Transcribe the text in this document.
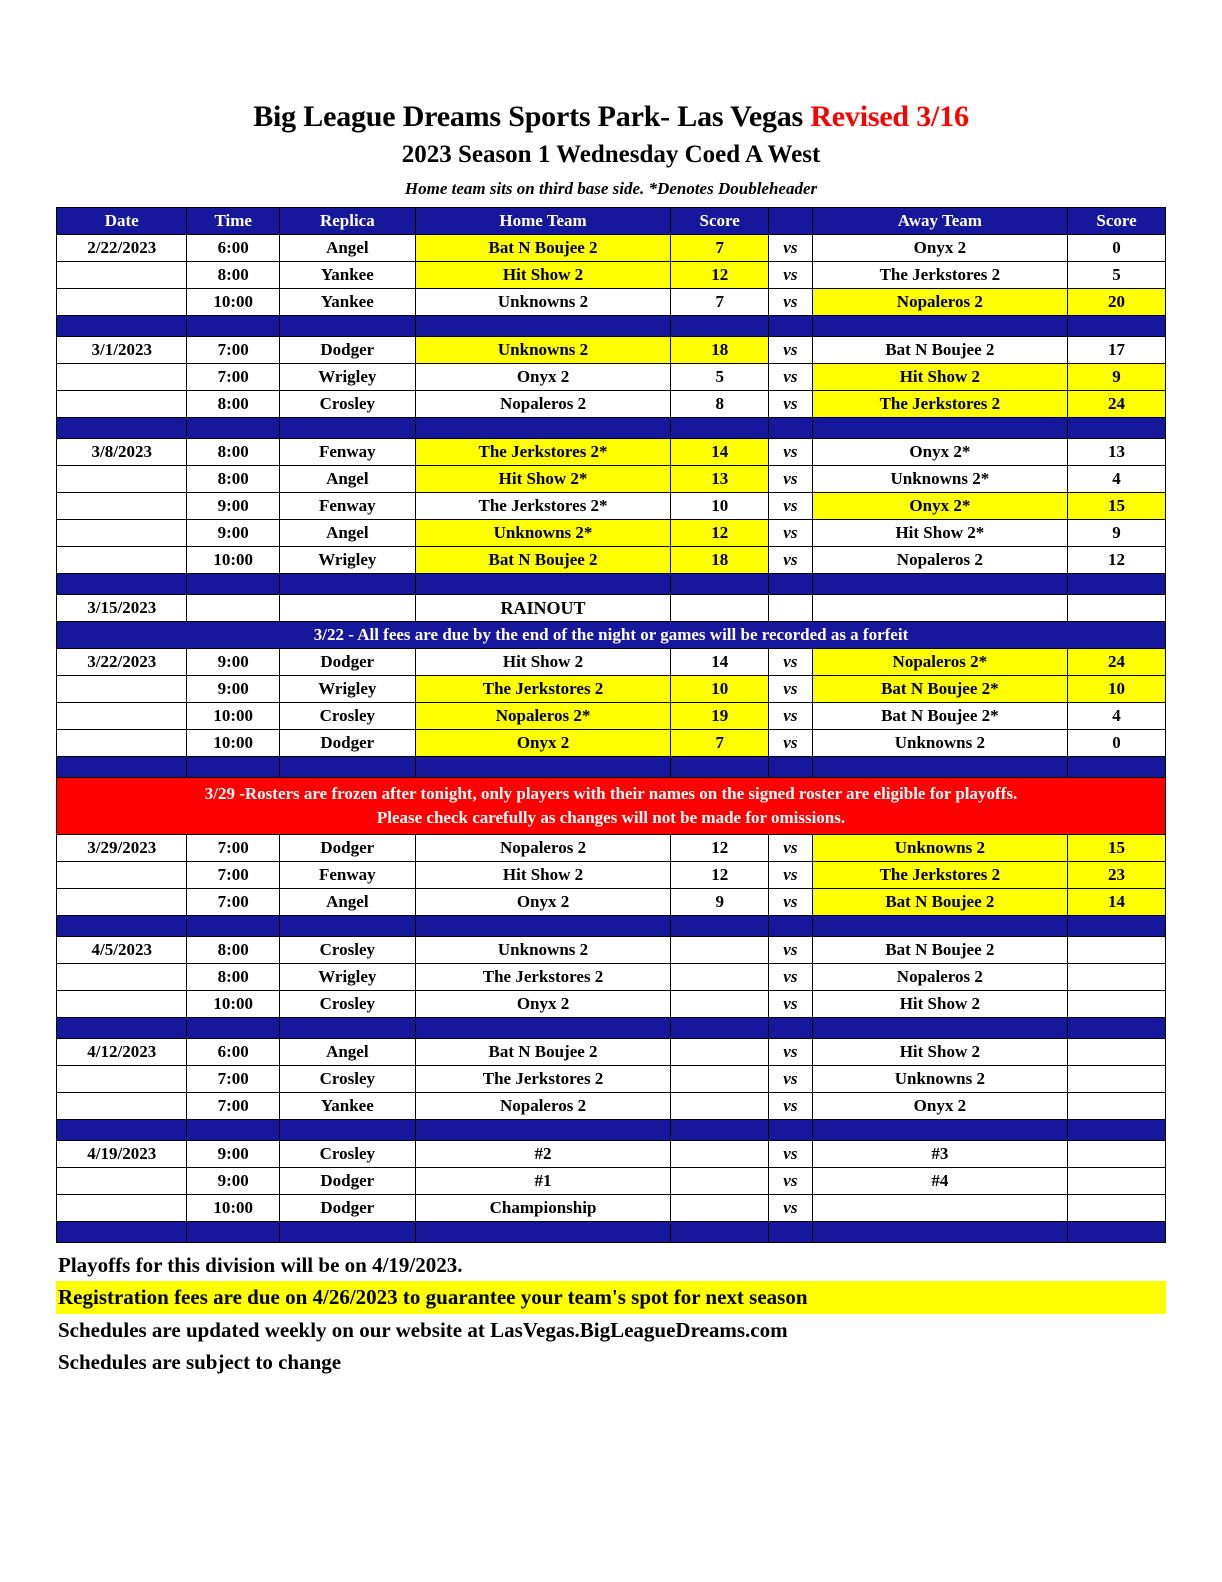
Big League Dreams Sports Park- Las Vegas Revised 3/16
2023 Season 1 Wednesday Coed A West
Home team sits on third base side. *Denotes Doubleheader
Date	Time	Replica	Home Team	Score		Away Team	Score
2/22/2023	6:00	Angel	Bat N Boujee 2	7	vs	Onyx 2	0
	8:00	Yankee	Hit Show 2	12	vs	The Jerkstores 2	5
	10:00	Yankee	Unknowns 2	7	vs	Nopaleros 2	20

3/1/2023	7:00	Dodger	Unknowns 2	18	vs	Bat N Boujee 2	17
	7:00	Wrigley	Onyx 2	5	vs	Hit Show 2	9
	8:00	Crosley	Nopaleros 2	8	vs	The Jerkstores 2	24

3/8/2023	8:00	Fenway	The Jerkstores 2*	14	vs	Onyx 2*	13
	8:00	Angel	Hit Show 2*	13	vs	Unknowns 2*	4
	9:00	Fenway	The Jerkstores 2*	10	vs	Onyx 2*	15
	9:00	Angel	Unknowns 2*	12	vs	Hit Show 2*	9
	10:00	Wrigley	Bat N Boujee 2	18	vs	Nopaleros 2	12

3/15/2023			RAINOUT				
3/22 - All fees are due by the end of the night or games will be recorded as a forfeit							
3/22/2023	9:00	Dodger	Hit Show 2	14	vs	Nopaleros 2*	24
	9:00	Wrigley	The Jerkstores 2	10	vs	Bat N Boujee 2*	10
	10:00	Crosley	Nopaleros 2*	19	vs	Bat N Boujee 2*	4
	10:00	Dodger	Onyx 2	7	vs	Unknowns 2	0

3/29 -Rosters are frozen after tonight, only players with their names on the signed roster are eligible for playoffs.
Please check carefully as changes will not be made for omissions.							

3/29/2023	7:00	Dodger	Nopaleros 2	12	vs	Unknowns 2	15
	7:00	Fenway	Hit Show 2	12	vs	The Jerkstores 2	23
	7:00	Angel	Onyx 2	9	vs	Bat N Boujee 2	14

4/5/2023	8:00	Crosley	Unknowns 2		vs	Bat N Boujee 2	
	8:00	Wrigley	The Jerkstores 2		vs	Nopaleros 2	
	10:00	Crosley	Onyx 2		vs	Hit Show 2	

4/12/2023	6:00	Angel	Bat N Boujee 2		vs	Hit Show 2	
	7:00	Crosley	The Jerkstores 2		vs	Unknowns 2	
	7:00	Yankee	Nopaleros 2		vs	Onyx 2	

4/19/2023	9:00	Crosley	#2		vs	#3	
	9:00	Dodger	#1		vs	#4	
	10:00	Dodger	Championship		vs		

Playoffs for this division will be on 4/19/2023.
Registration fees are due on 4/26/2023 to guarantee your team's spot for next season
Schedules are updated weekly on our website at LasVegas.BigLeagueDreams.com
Schedules are subject to change
